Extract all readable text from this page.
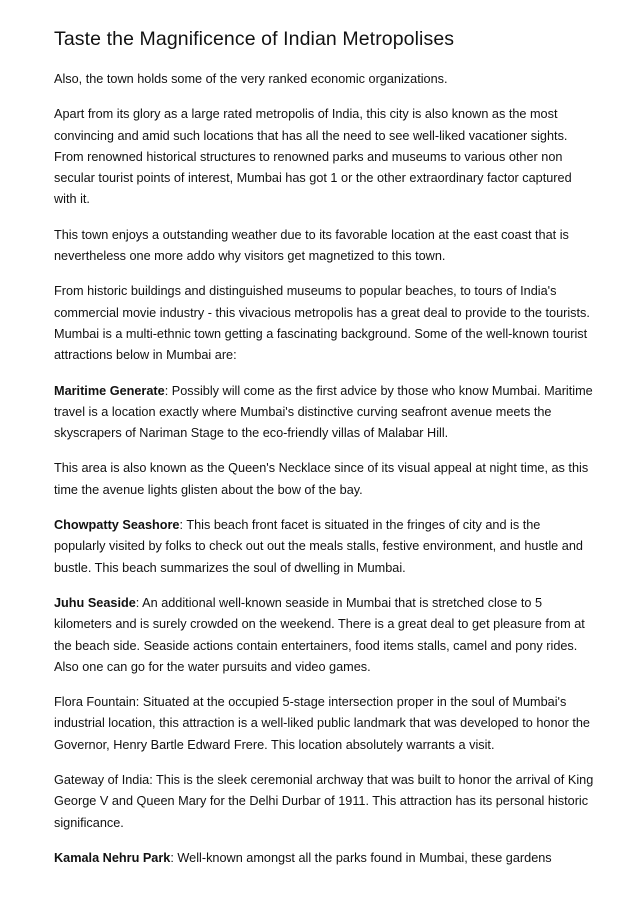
Taste the Magnificence of Indian Metropolises

Also, the town holds some of the very ranked economic organizations.

Apart from its glory as a large rated metropolis of India, this city is also known as the most convincing and amid such locations that has all the need to see well-liked vacationer sights. From renowned historical structures to renowned parks and museums to various other non secular tourist points of interest, Mumbai has got 1 or the other extraordinary factor captured with it.

This town enjoys a outstanding weather due to its favorable location at the east coast that is nevertheless one more addo why visitors get magnetized to this town.

From historic buildings and distinguished museums to popular beaches, to tours of India's commercial movie industry - this vivacious metropolis has a great deal to provide to the tourists. Mumbai is a multi-ethnic town getting a fascinating background. Some of the well-known tourist attractions below in Mumbai are:

Maritime Generate: Possibly will come as the first advice by those who know Mumbai. Maritime travel is a location exactly where Mumbai's distinctive curving seafront avenue meets the skyscrapers of Nariman Stage to the eco-friendly villas of Malabar Hill.

This area is also known as the Queen's Necklace since of its visual appeal at night time, as this time the avenue lights glisten about the bow of the bay.

Chowpatty Seashore: This beach front facet is situated in the fringes of city and is the popularly visited by folks to check out out the meals stalls, festive environment, and hustle and bustle. This beach summarizes the soul of dwelling in Mumbai.

Juhu Seaside: An additional well-known seaside in Mumbai that is stretched close to 5 kilometers and is surely crowded on the weekend. There is a great deal to get pleasure from at the beach side. Seaside actions contain entertainers, food items stalls, camel and pony rides. Also one can go for the water pursuits and video games.

Flora Fountain: Situated at the occupied 5-stage intersection proper in the soul of Mumbai's industrial location, this attraction is a well-liked public landmark that was developed to honor the Governor, Henry Bartle Edward Frere. This location absolutely warrants a visit.

Gateway of India: This is the sleek ceremonial archway that was built to honor the arrival of King George V and Queen Mary for the Delhi Durbar of 1911. This attraction has its personal historic significance.

Kamala Nehru Park: Well-known amongst all the parks found in Mumbai, these gardens
